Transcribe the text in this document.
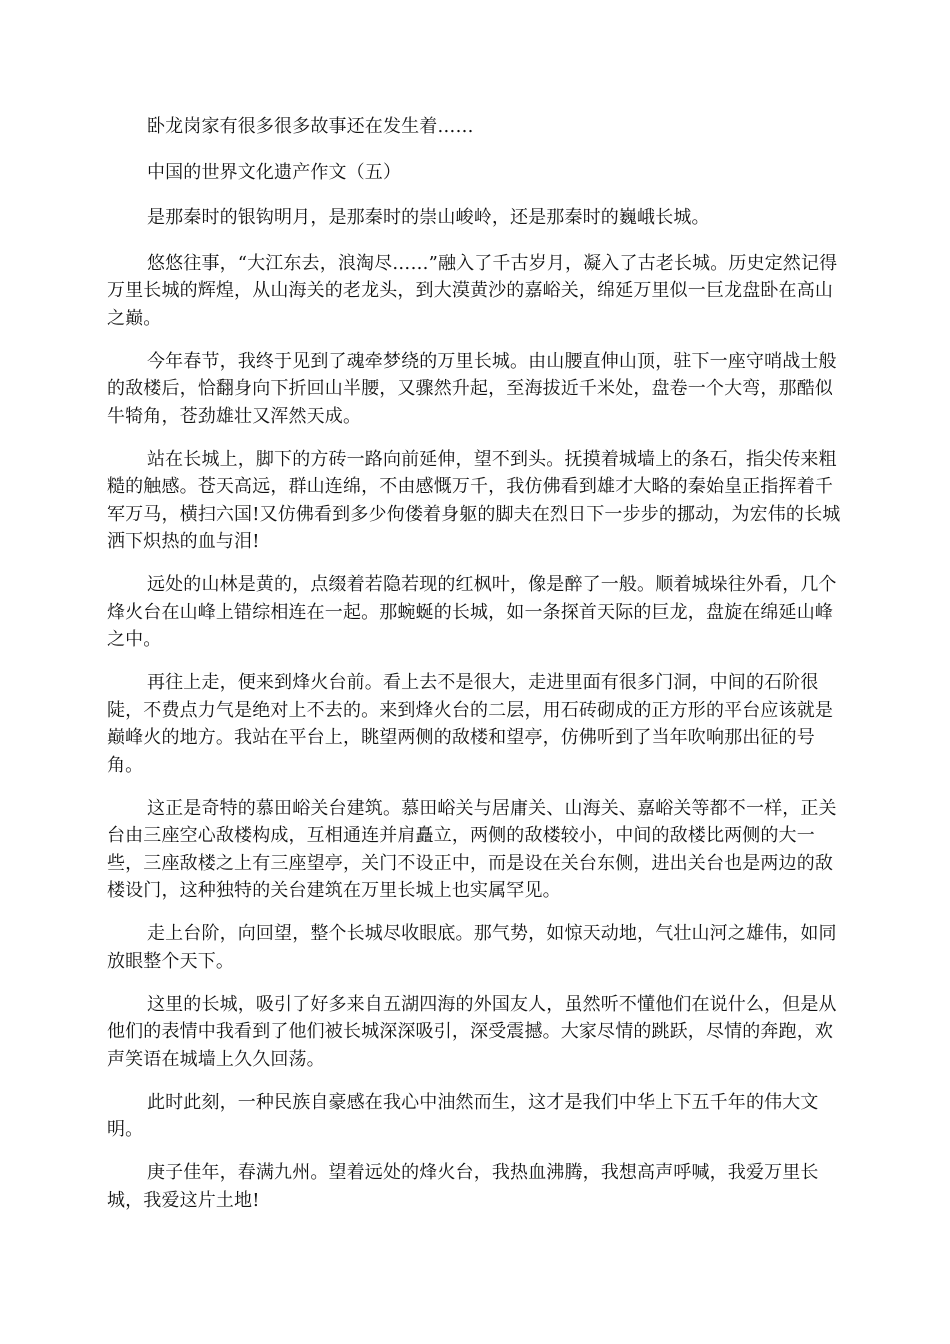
卧龙岗家有很多很多故事还在发生着……

中国的世界文化遗产作文（五）

是那秦时的银钩明月，是那秦时的崇山峻岭，还是那秦时的巍峨长城。

悠悠往事，“大江东去，浪淘尽……”融入了千古岁月，凝入了古老长城。历史定然记得万里长城的辉煌，从山海关的老龙头，到大漠黄沙的嘉峪关，绵延万里似一巨龙盘卧在高山之巅。

今年春节，我终于见到了魂牵梦绕的万里长城。由山腰直伸山顶，驻下一座守哨战士般的敌楼后，恰翻身向下折回山半腰，又骤然升起，至海拔近千米处，盘卷一个大弯，那酷似牛犄角，苍劲雄壮又浑然天成。

站在长城上，脚下的方砖一路向前延伸，望不到头。抚摸着城墙上的条石，指尖传来粗糙的触感。苍天高远，群山连绵，不由感慨万千，我仿佛看到雄才大略的秦始皇正指挥着千军万马，横扫六国!又仿佛看到多少佝偻着身躯的脚夫在烈日下一步步的挪动，为宏伟的长城洒下炽热的血与泪!

远处的山林是黄的，点缀着若隐若现的红枫叶，像是醉了一般。顺着城垛往外看，几个烽火台在山峰上错综相连在一起。那蜿蜒的长城，如一条探首天际的巨龙，盘旋在绵延山峰之中。

再往上走，便来到烽火台前。看上去不是很大，走进里面有很多门洞，中间的石阶很陡，不费点力气是绝对上不去的。来到烽火台的二层，用石砖砌成的正方形的平台应该就是巅峰火的地方。我站在平台上，眺望两侧的敌楼和望亭，仿佛听到了当年吹响那出征的号角。

这正是奇特的慕田峪关台建筑。慕田峪关与居庸关、山海关、嘉峪关等都不一样，正关台由三座空心敌楼构成，互相通连并肩矗立，两侧的敌楼较小，中间的敌楼比两侧的大一些，三座敌楼之上有三座望亭，关门不设正中，而是设在关台东侧，进出关台也是两边的敌楼设门，这种独特的关台建筑在万里长城上也实属罕见。

走上台阶，向回望，整个长城尽收眼底。那气势，如惊天动地，气壮山河之雄伟，如同放眼整个天下。

这里的长城，吸引了好多来自五湖四海的外国友人，虽然听不懂他们在说什么，但是从他们的表情中我看到了他们被长城深深吸引，深受震撼。大家尽情的跳跃，尽情的奔跑，欢声笑语在城墙上久久回荡。

此时此刻，一种民族自豪感在我心中油然而生，这才是我们中华上下五千年的伟大文明。

庚子佳年，春满九州。望着远处的烽火台，我热血沸腾，我想高声呼喊，我爱万里长城，我爱这片土地!
